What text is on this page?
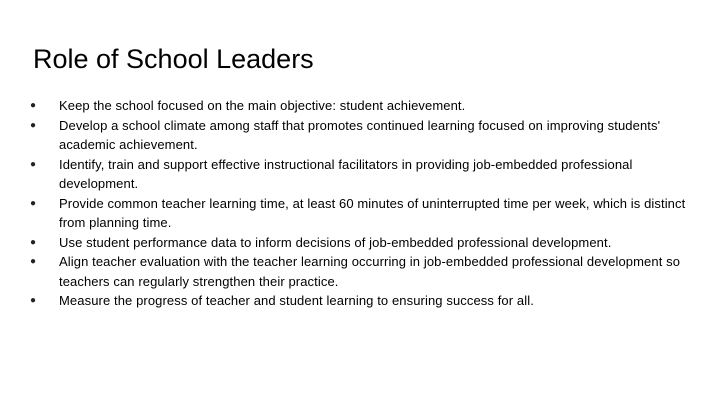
Role of School Leaders
●	Keep the school focused on the main objective: student achievement.
●	Develop a school climate among staff that promotes continued learning focused on improving students' academic achievement.
●	Identify, train and support effective instructional facilitators in providing job-embedded professional development.
●	Provide common teacher learning time, at least 60 minutes of uninterrupted time per week, which is distinct from planning time.
●	Use student performance data to inform decisions of job-embedded professional development.
●	Align teacher evaluation with the teacher learning occurring in job-embedded professional development so teachers can regularly strengthen their practice.
●	Measure the progress of teacher and student learning to ensuring success for all.
